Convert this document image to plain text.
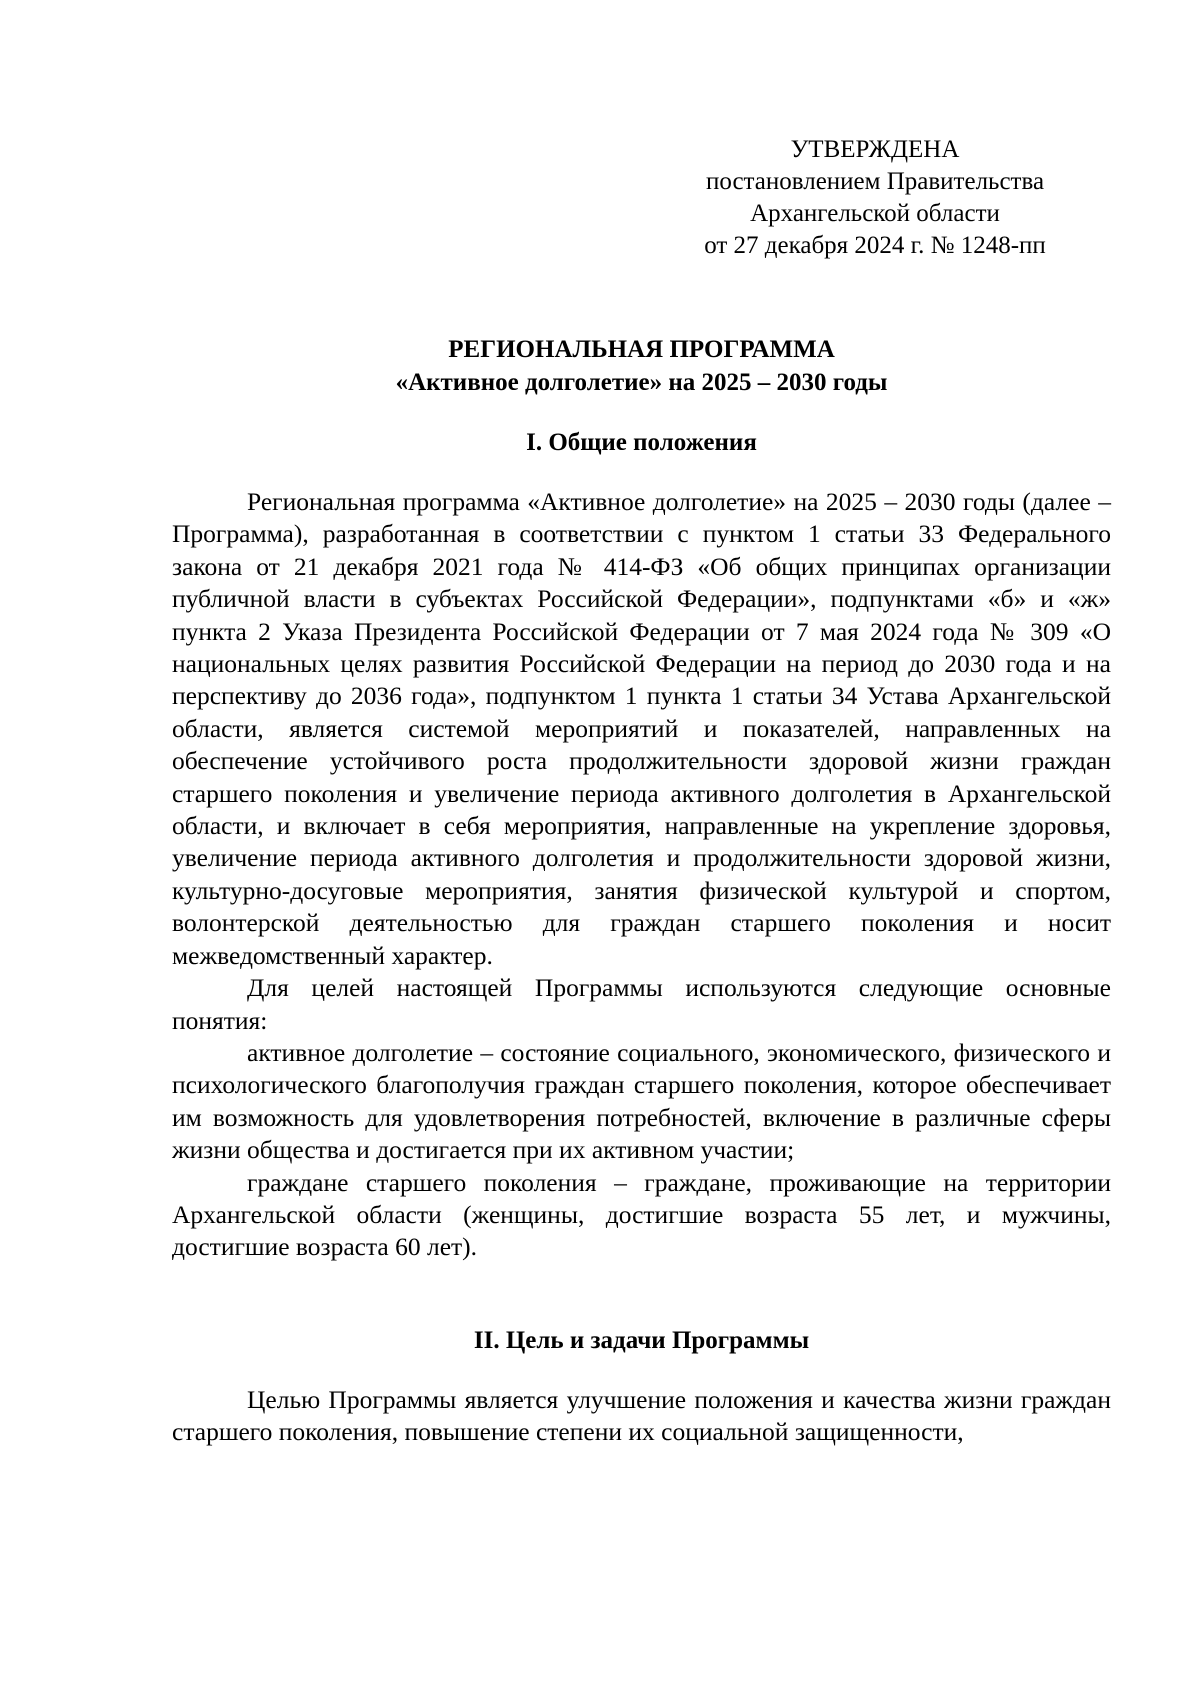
УТВЕРЖДЕНА
постановлением Правительства
Архангельской области
от 27 декабря 2024 г. № 1248-пп
РЕГИОНАЛЬНАЯ ПРОГРАММА
«Активное долголетие» на 2025 – 2030 годы
I. Общие положения

Региональная программа «Активное долголетие» на 2025 – 2030 годы (далее – Программа), разработанная в соответствии с пунктом 1 статьи 33 Федерального закона от 21 декабря 2021 года № 414-ФЗ «Об общих принципах организации публичной власти в субъектах Российской Федерации», подпунктами «б» и «ж» пункта 2 Указа Президента Российской Федерации от 7 мая 2024 года № 309 «О национальных целях развития Российской Федерации на период до 2030 года и на перспективу до 2036 года», подпунктом 1 пункта 1 статьи 34 Устава Архангельской области, является системой мероприятий и показателей, направленных на обеспечение устойчивого роста продолжительности здоровой жизни граждан старшего поколения и увеличение периода активного долголетия в Архангельской области, и включает в себя мероприятия, направленные на укрепление здоровья, увеличение периода активного долголетия и продолжительности здоровой жизни, культурно-досуговые мероприятия, занятия физической культурой и спортом, волонтерской деятельностью для граждан старшего поколения и носит межведомственный характер.

Для целей настоящей Программы используются следующие основные понятия:

активное долголетие – состояние социального, экономического, физического и психологического благополучия граждан старшего поколения, которое обеспечивает им возможность для удовлетворения потребностей, включение в различные сферы жизни общества и достигается при их активном участии;

граждане старшего поколения – граждане, проживающие на территории Архангельской области (женщины, достигшие возраста 55 лет, и мужчины, достигшие возраста 60 лет).

II. Цель и задачи Программы

Целью Программы является улучшение положения и качества жизни граждан старшего поколения, повышение степени их социальной защищенности,
